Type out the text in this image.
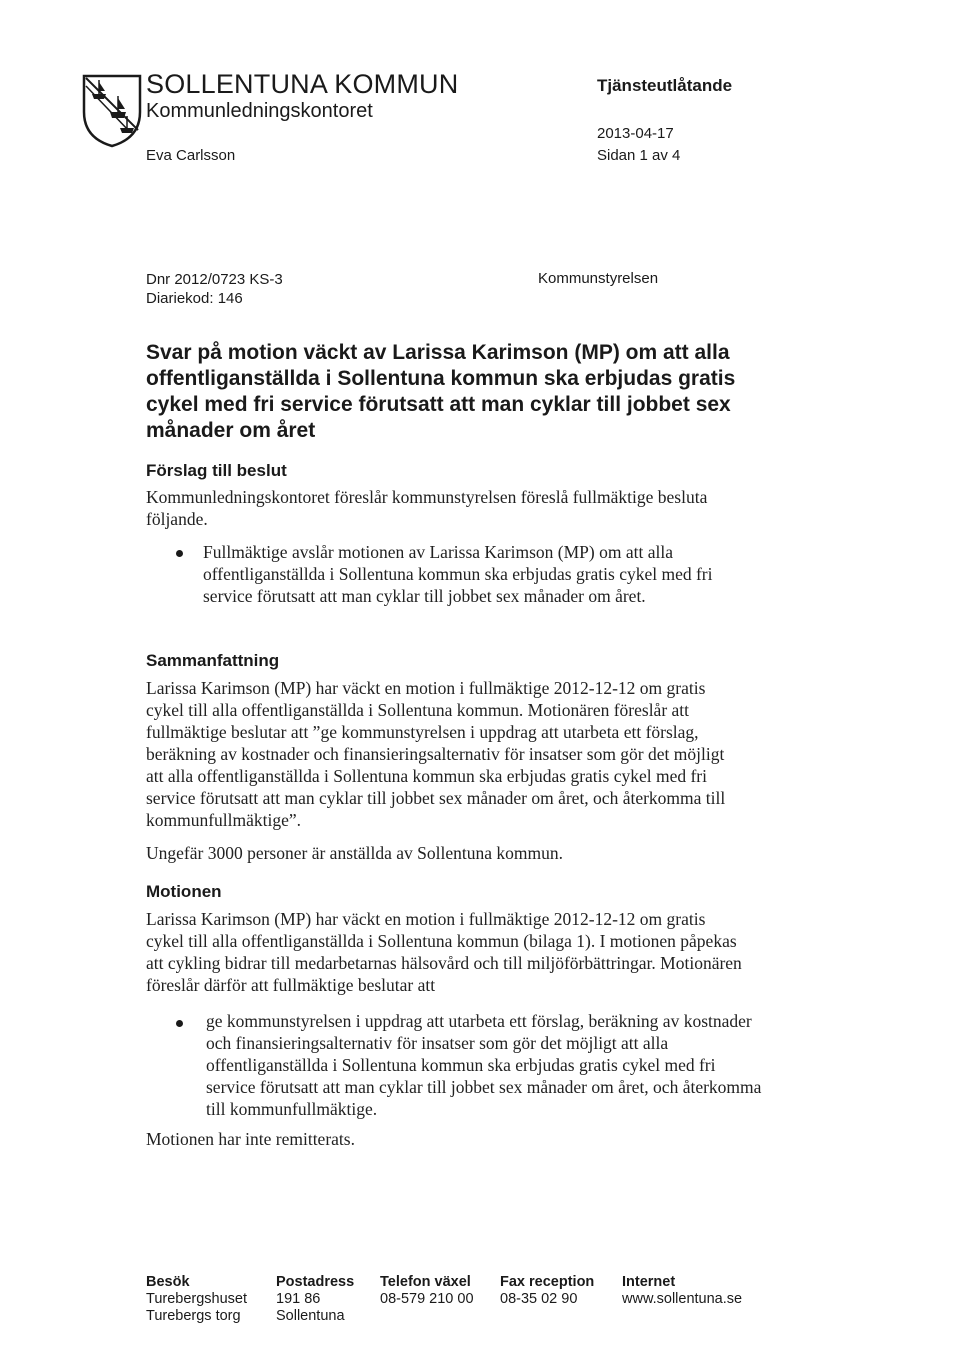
SOLLENTUNA KOMMUN
Kommunledningskontoret
Eva Carlsson
Tjänsteutlåtande
2013-04-17
Sidan 1 av 4
Dnr 2012/0723 KS-3
Diariekod: 146
Kommunstyrelsen
Svar på motion väckt av Larissa Karimson (MP) om att alla offentliganställda i Sollentuna kommun ska erbjudas gratis cykel med fri service förutsatt att man cyklar till jobbet sex månader om året
Förslag till beslut

Kommunledningskontoret föreslår kommunstyrelsen föreslå fullmäktige besluta följande.

Fullmäktige avslår motionen av Larissa Karimson (MP) om att alla offentliganställda i Sollentuna kommun ska erbjudas gratis cykel med fri service förutsatt att man cyklar till jobbet sex månader om året.

Sammanfattning

Larissa Karimson (MP) har väckt en motion i fullmäktige 2012-12-12 om gratis cykel till alla offentliganställda i Sollentuna kommun. Motionären föreslår att fullmäktige beslutar att ”ge kommunstyrelsen i uppdrag att utarbeta ett förslag, beräkning av kostnader och finansieringsalternativ för insatser som gör det möjligt att alla offentliganställda i Sollentuna kommun ska erbjudas gratis cykel med fri service förutsatt att man cyklar till jobbet sex månader om året, och återkomma till kommunfullmäktige”.

Ungefär 3000 personer är anställda av Sollentuna kommun.

Motionen

Larissa Karimson (MP) har väckt en motion i fullmäktige 2012-12-12 om gratis cykel till alla offentliganställda i Sollentuna kommun (bilaga 1). I motionen påpekas att cykling bidrar till medarbetarnas hälsovård och till miljöförbättringar. Motionären föreslår därför att fullmäktige beslutar att

ge kommunstyrelsen i uppdrag att utarbeta ett förslag, beräkning av kostnader och finansieringsalternativ för insatser som gör det möjligt att alla offentliganställda i Sollentuna kommun ska erbjudas gratis cykel med fri service förutsatt att man cyklar till jobbet sex månader om året, och återkomma till kommunfullmäktige.

Motionen har inte remitterats.

Besök
Turebergshuset
Turebergs torg
Postadress
191 86
Sollentuna
Telefon växel
08-579 210 00
Fax reception
08-35 02 90
Internet
www.sollentuna.se
